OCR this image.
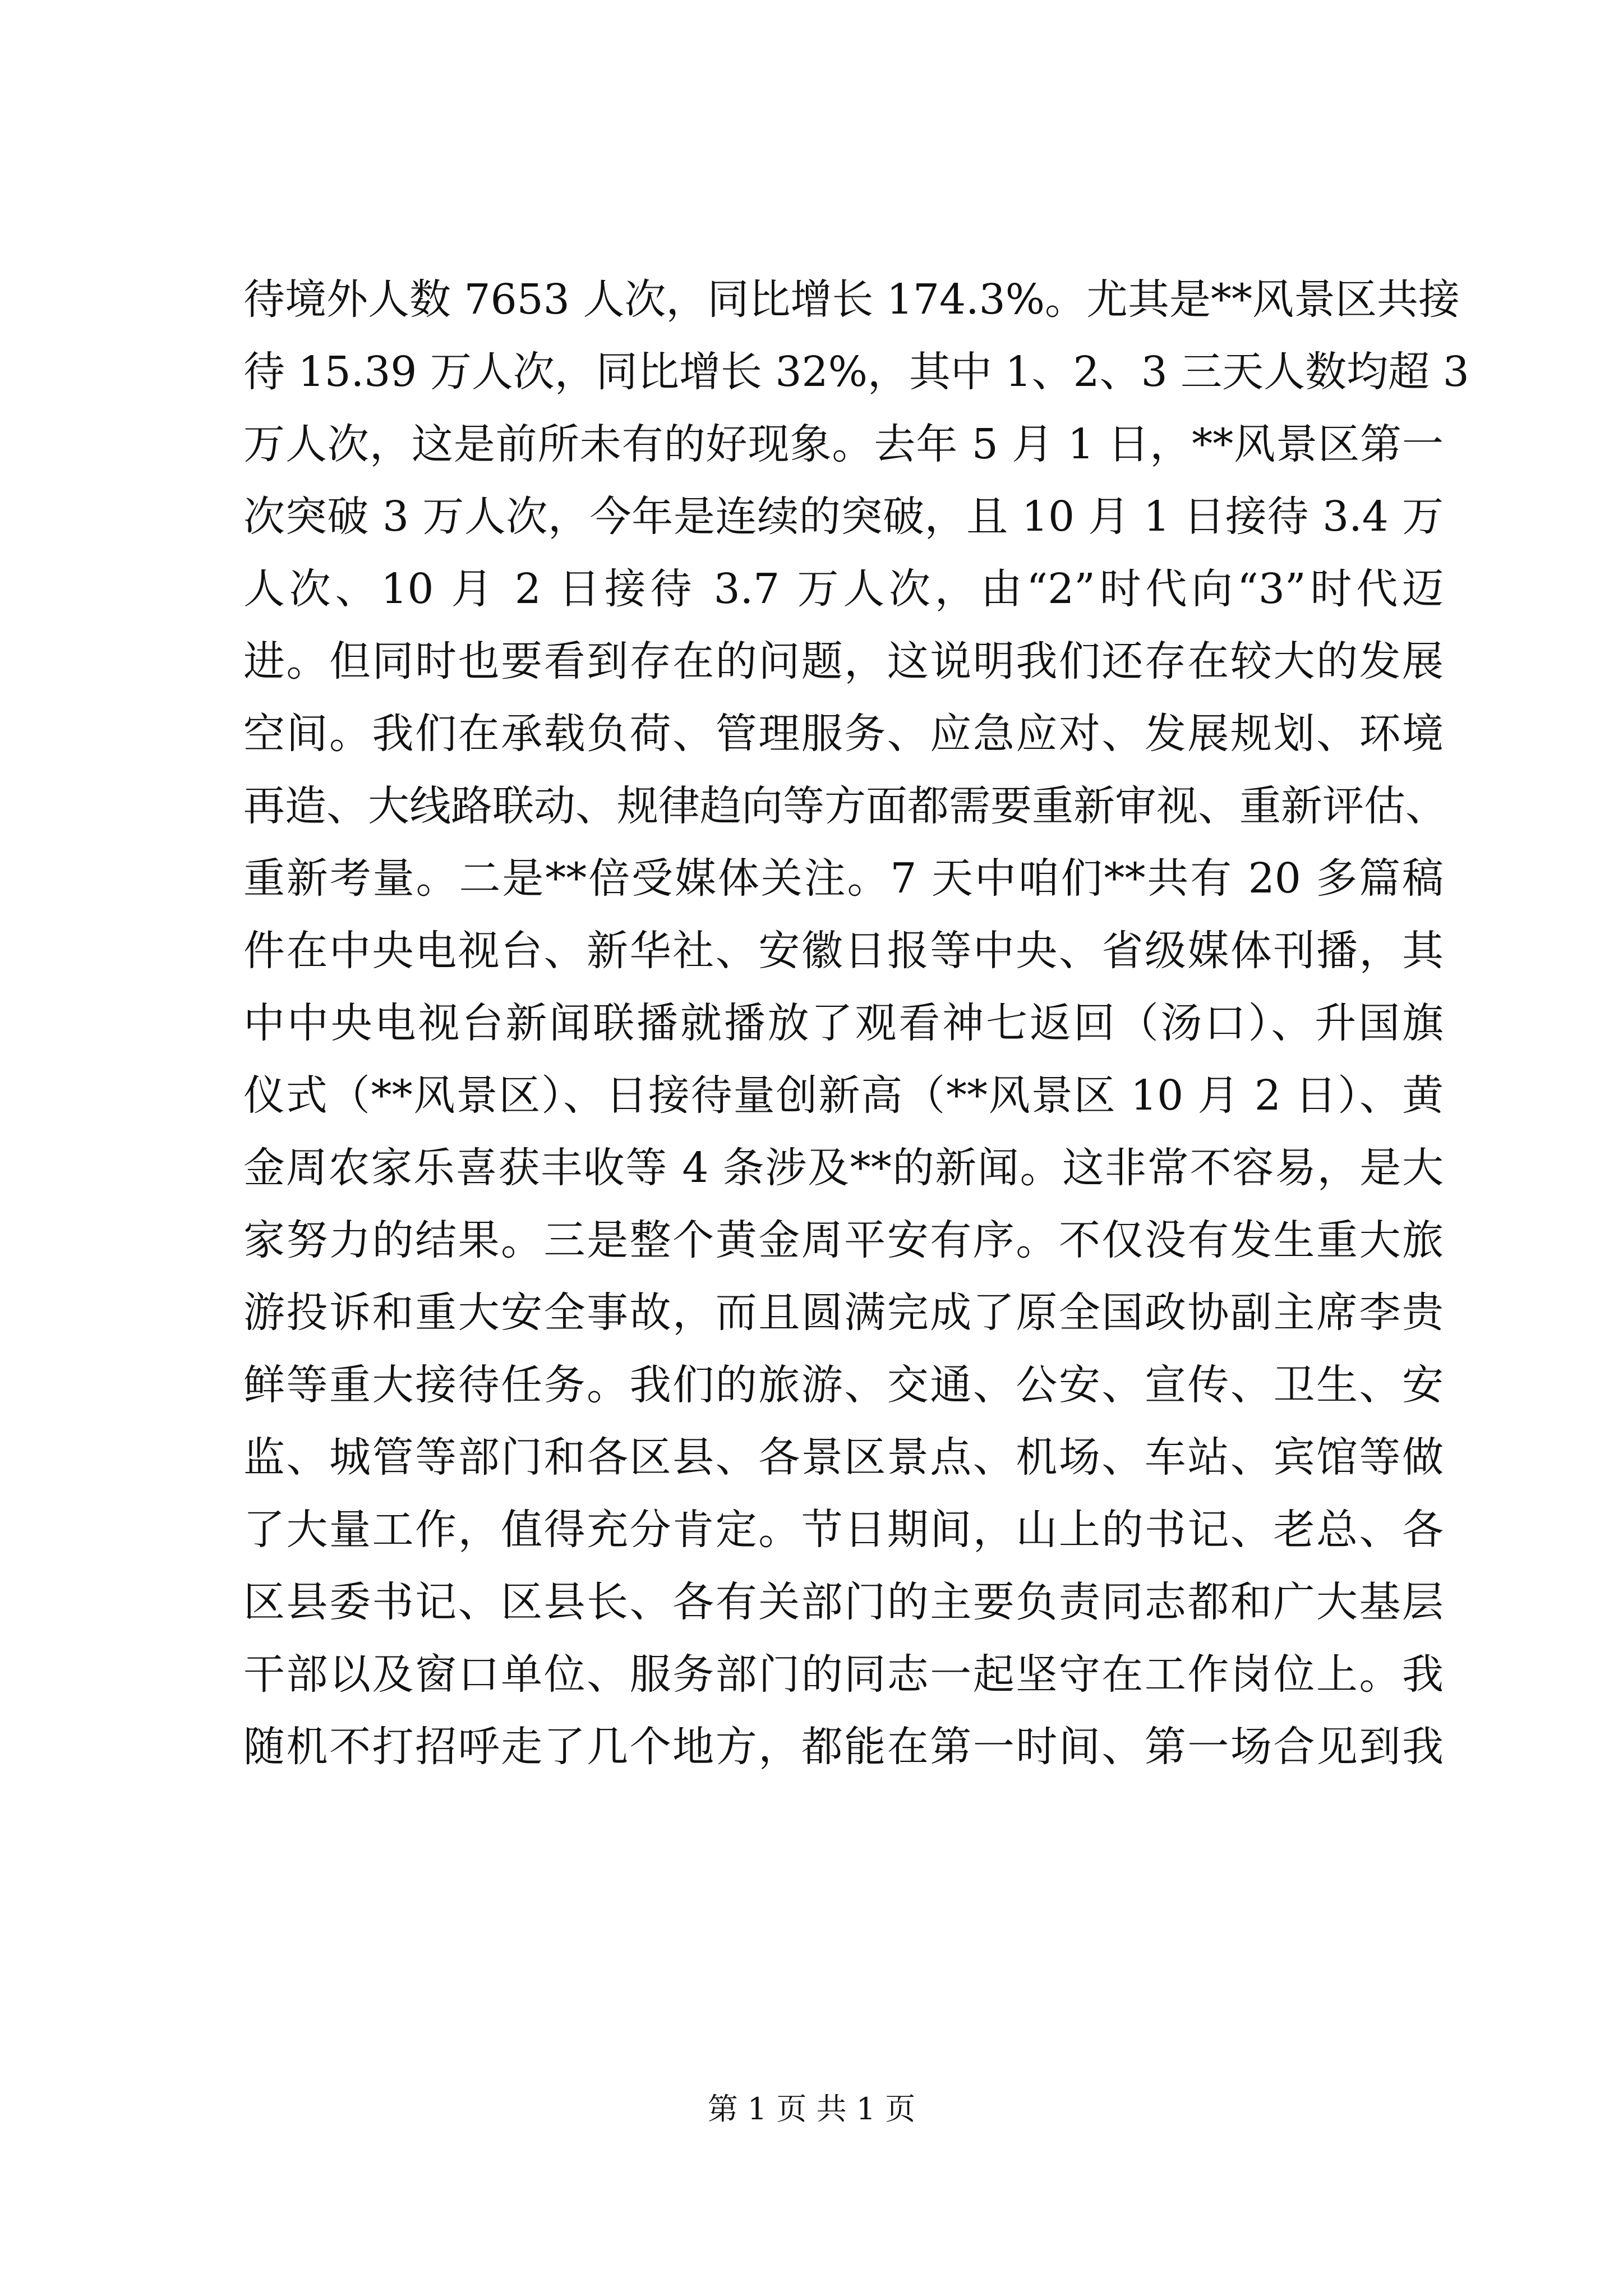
待境外人数 7653 人次，同比增长 174.3%。尤其是**风景区共接
待 15.39 万人次，同比增长 32%，其中 1、2、3 三天人数均超 3
万人次，这是前所未有的好现象。去年 5 月 1 日，**风景区第一
次突破 3 万人次，今年是连续的突破，且 10 月 1 日接待 3.4 万
人次、10 月 2 日接待 3.7 万人次，由“2”时代向“3”时代迈
进。但同时也要看到存在的问题，这说明我们还存在较大的发展
空间。我们在承载负荷、管理服务、应急应对、发展规划、环境
再造、大线路联动、规律趋向等方面都需要重新审视、重新评估、
重新考量。二是**倍受媒体关注。7 天中咱们**共有 20 多篇稿
件在中央电视台、新华社、安徽日报等中央、省级媒体刊播，其
中中央电视台新闻联播就播放了观看神七返回（汤口）、升国旗
仪式（**风景区）、日接待量创新高（**风景区 10 月 2 日）、黄
金周农家乐喜获丰收等 4 条涉及**的新闻。这非常不容易，是大
家努力的结果。三是整个黄金周平安有序。不仅没有发生重大旅
游投诉和重大安全事故，而且圆满完成了原全国政协副主席李贵
鲜等重大接待任务。我们的旅游、交通、公安、宣传、卫生、安
监、城管等部门和各区县、各景区景点、机场、车站、宾馆等做
了大量工作，值得充分肯定。节日期间，山上的书记、老总、各
区县委书记、区县长、各有关部门的主要负责同志都和广大基层
干部以及窗口单位、服务部门的同志一起坚守在工作岗位上。我
随机不打招呼走了几个地方，都能在第一时间、第一场合见到我
第 1 页 共 1 页
